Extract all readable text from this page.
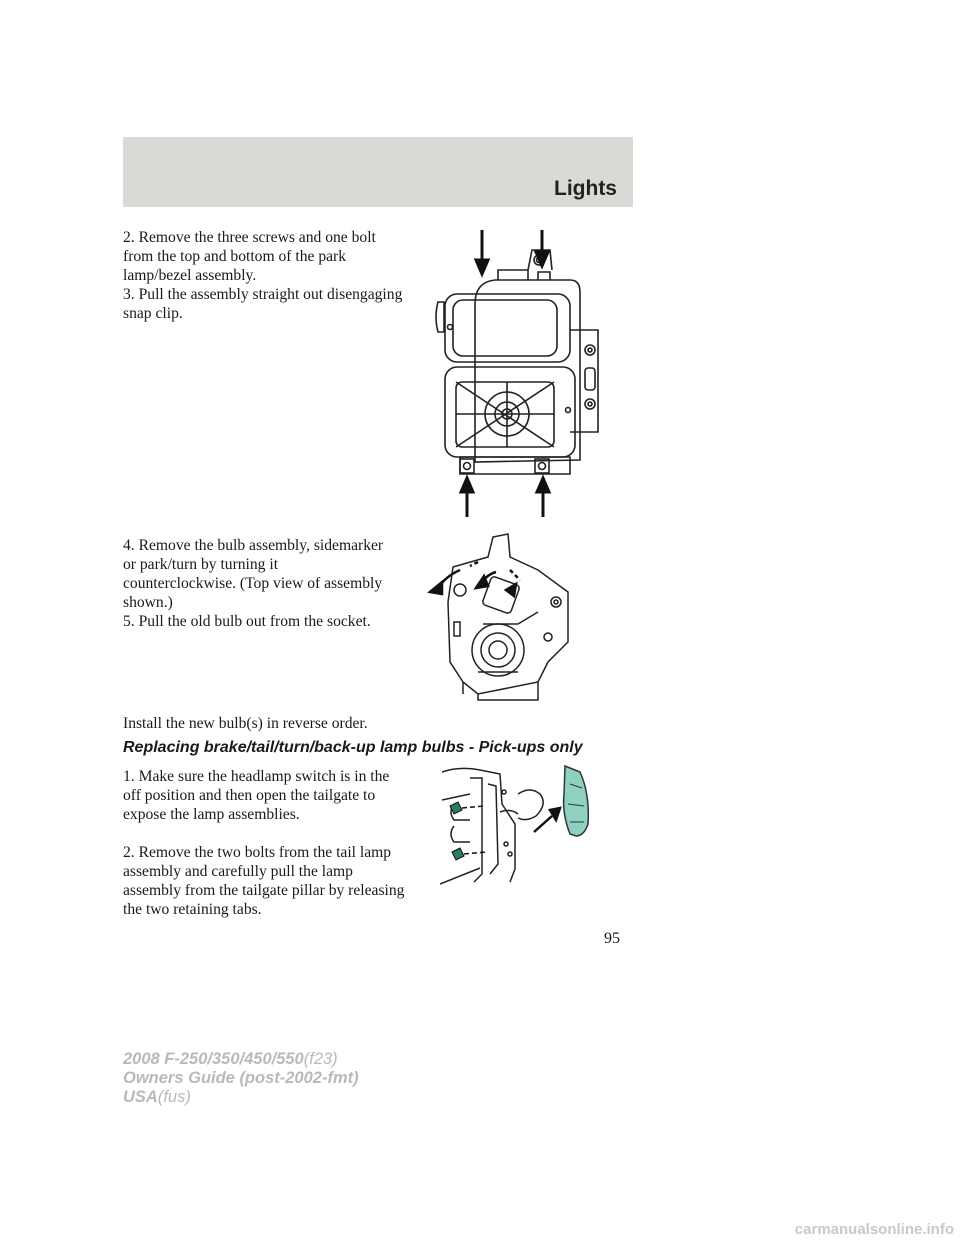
Lights

2. Remove the three screws and one bolt from the top and bottom of the park lamp/bezel assembly.

3. Pull the assembly straight out disengaging snap clip.

4. Remove the bulb assembly, sidemarker or park/turn by turning it counterclockwise. (Top view of assembly shown.)

5. Pull the old bulb out from the socket.

Install the new bulb(s) in reverse order.

Replacing brake/tail/turn/back-up lamp bulbs - Pick-ups only

1. Make sure the headlamp switch is in the off position and then open the tailgate to expose the lamp assemblies.

2. Remove the two bolts from the tail lamp assembly and carefully pull the lamp assembly from the tailgate pillar by releasing the two retaining tabs.

95
2008 F-250/350/450/550(f23)
Owners Guide (post-2002-fmt)
USA(fus)
carmanualsonline.info
